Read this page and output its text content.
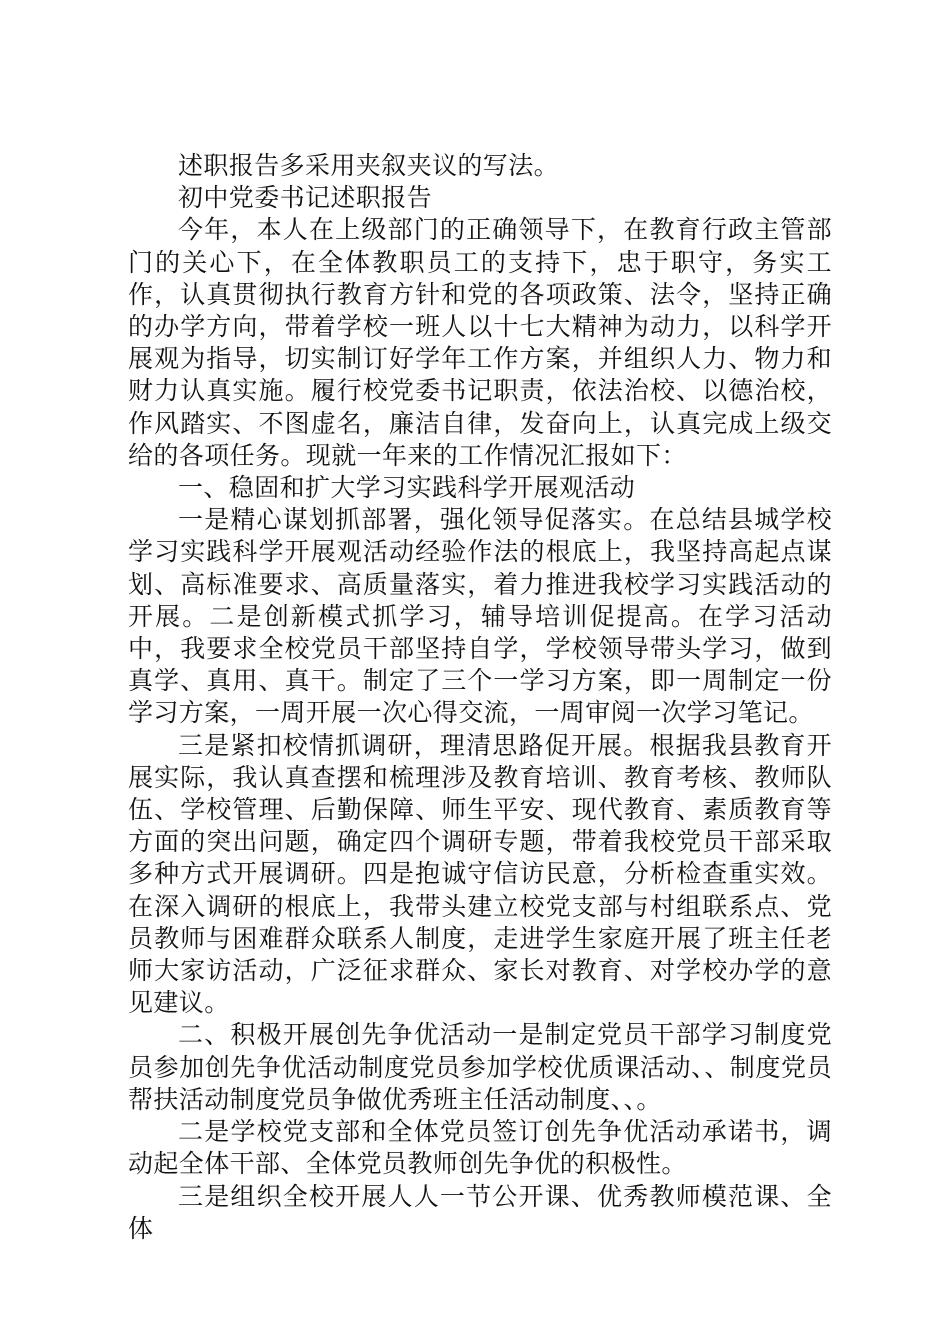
述职报告多采用夹叙夹议的写法。

初中党委书记述职报告

今年，本人在上级部门的正确领导下，在教育行政主管部门的关心下，在全体教职员工的支持下，忠于职守，务实工作，认真贯彻执行教育方针和党的各项政策、法令，坚持正确的办学方向，带着学校一班人以十七大精神为动力，以科学开展观为指导，切实制订好学年工作方案，并组织人力、物力和财力认真实施。履行校党委书记职责，依法治校、以德治校，作风踏实、不图虚名，廉洁自律，发奋向上，认真完成上级交给的各项任务。现就一年来的工作情况汇报如下：

一、稳固和扩大学习实践科学开展观活动

一是精心谋划抓部署，强化领导促落实。在总结县城学校学习实践科学开展观活动经验作法的根底上，我坚持高起点谋划、高标准要求、高质量落实，着力推进我校学习实践活动的开展。二是创新模式抓学习，辅导培训促提高。在学习活动中，我要求全校党员干部坚持自学，学校领导带头学习，做到真学、真用、真干。制定了三个一学习方案，即一周制定一份学习方案，一周开展一次心得交流，一周审阅一次学习笔记。

三是紧扣校情抓调研，理清思路促开展。根据我县教育开展实际，我认真查摆和梳理涉及教育培训、教育考核、教师队伍、学校管理、后勤保障、师生平安、现代教育、素质教育等方面的突出问题，确定四个调研专题，带着我校党员干部采取多种方式开展调研。四是抱诚守信访民意，分析检查重实效。在深入调研的根底上，我带头建立校党支部与村组联系点、党员教师与困难群众联系人制度，走进学生家庭开展了班主任老师大家访活动，广泛征求群众、家长对教育、对学校办学的意见建议。

二、积极开展创先争优活动一是制定党员干部学习制度党员参加创先争优活动制度党员参加学校优质课活动、、制度党员帮扶活动制度党员争做优秀班主任活动制度、、。

二是学校党支部和全体党员签订创先争优活动承诺书，调动起全体干部、全体党员教师创先争优的积极性。

三是组织全校开展人人一节公开课、优秀教师模范课、全体
